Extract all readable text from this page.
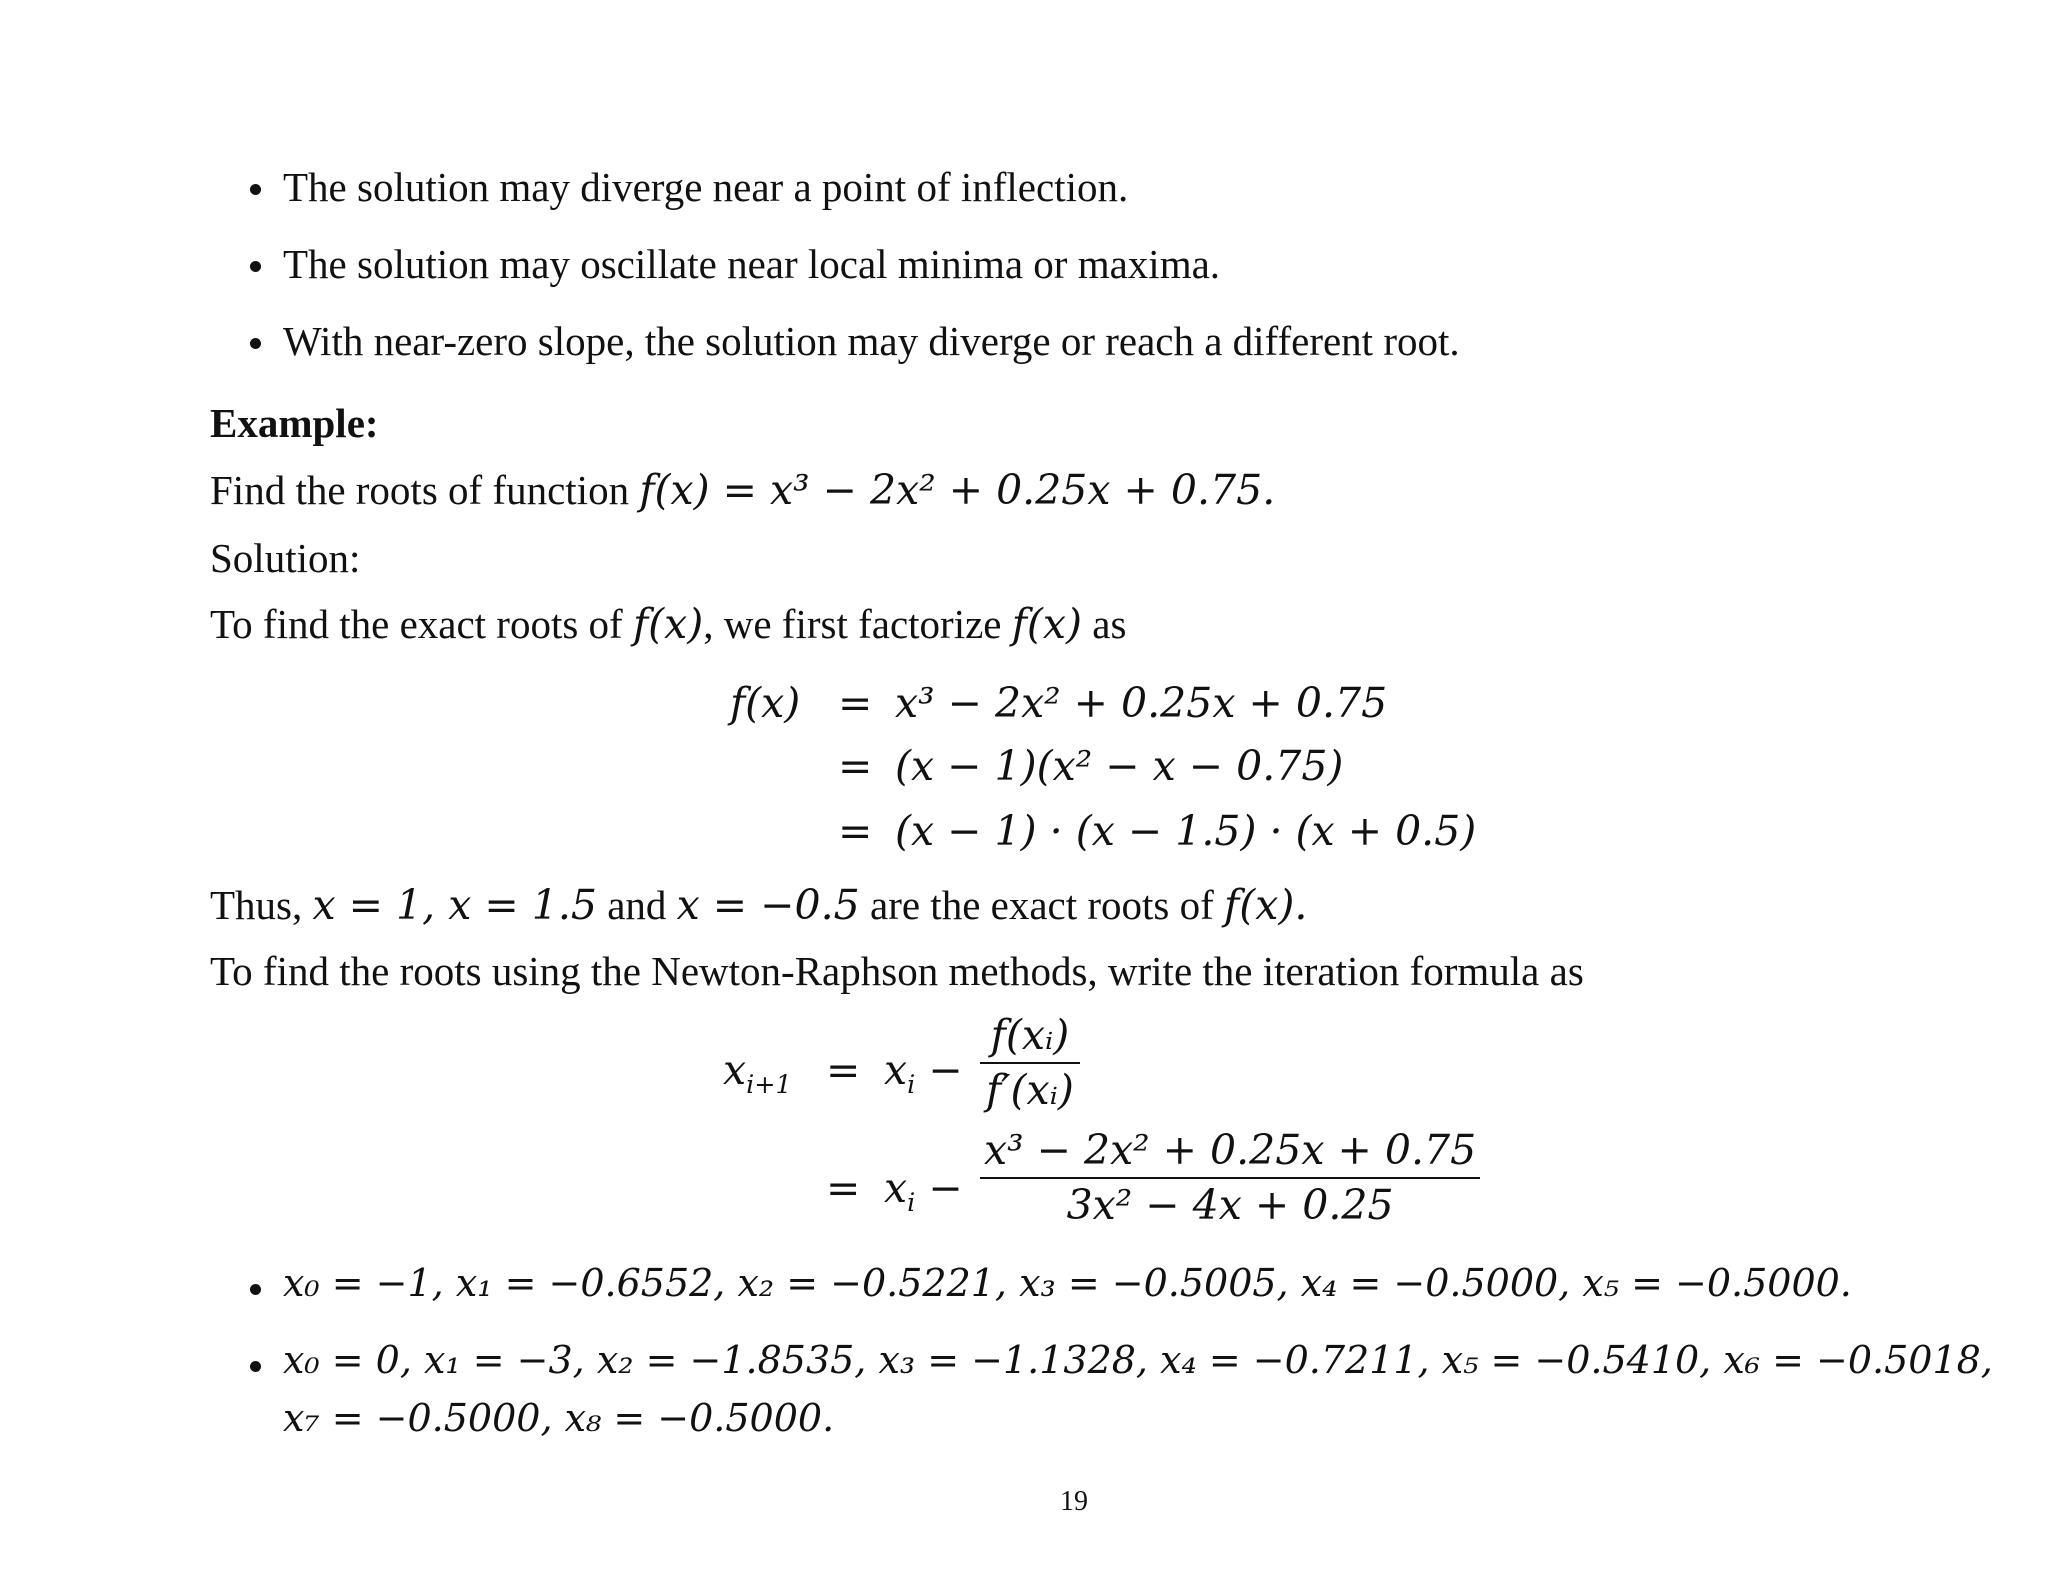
The solution may diverge near a point of inflection.
The solution may oscillate near local minima or maxima.
With near-zero slope, the solution may diverge or reach a different root.
Example:
Find the roots of function f(x) = x³ − 2x² + 0.25x + 0.75.
Solution:
To find the exact roots of f(x), we first factorize f(x) as
f(x) = x³ − 2x² + 0.25x + 0.75
= (x − 1)(x² − x − 0.75)
= (x − 1) · (x − 1.5) · (x + 0.5)
Thus, x = 1, x = 1.5 and x = −0.5 are the exact roots of f(x).
To find the roots using the Newton-Raphson methods, write the iteration formula as
$x_{i+1} = x_i$ −
f(xᵢ)
f′(xᵢ)
= $x_i$ −
x³ − 2x² + 0.25x + 0.75
3x² − 4x + 0.25
x₀ = −1, x₁ = −0.6552, x₂ = −0.5221, x₃ = −0.5005, x₄ = −0.5000, x₅ = −0.5000.
x₀ = 0, x₁ = −3, x₂ = −1.8535, x₃ = −1.1328, x₄ = −0.7211, x₅ = −0.5410, x₆ = −0.5018,
x₇ = −0.5000, x₈ = −0.5000.
19
